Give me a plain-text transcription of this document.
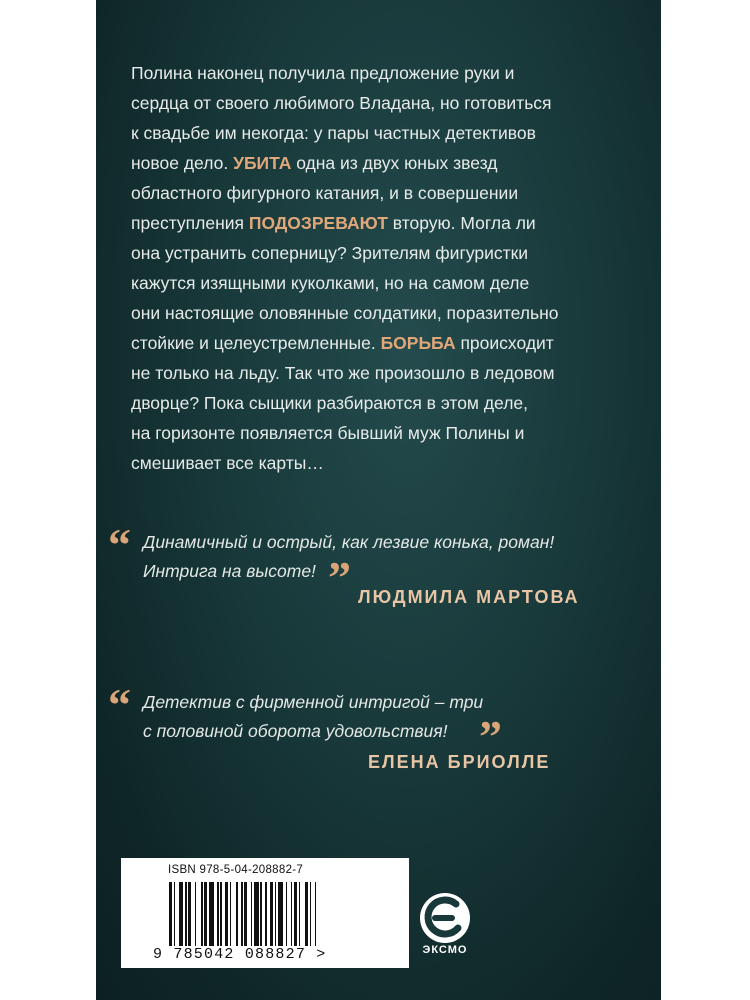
Полина наконец получила предложение руки и
сердца от своего любимого Владана, но готовиться
к свадьбе им некогда: у пары частных детективов
новое дело. УБИТА одна из двух юных звезд
областного фигурного катания, и в совершении
преступления ПОДОЗРЕВАЮТ вторую. Могла ли
она устранить соперницу? Зрителям фигуристки
кажутся изящными куколками, но на самом деле
они настоящие оловянные солдатики, поразительно
стойкие и целеустремленные. БОРЬБА происходит
не только на льду. Так что же произошло в ледовом
дворце? Пока сыщики разбираются в этом деле,
на горизонте появляется бывший муж Полины и
смешивает все карты…
“ Динамичный и острый, как лезвие конька, роман!
Интрига на высоте! ” ЛЮДМИЛА МАРТОВА
“ Детектив с фирменной интригой – три
с половиной оборота удовольствия! ”
ЕЛЕНА БРИОЛЛЕ
ISBN 978-5-04-208882-7
9 785042 088827 >	ЭКСМО
